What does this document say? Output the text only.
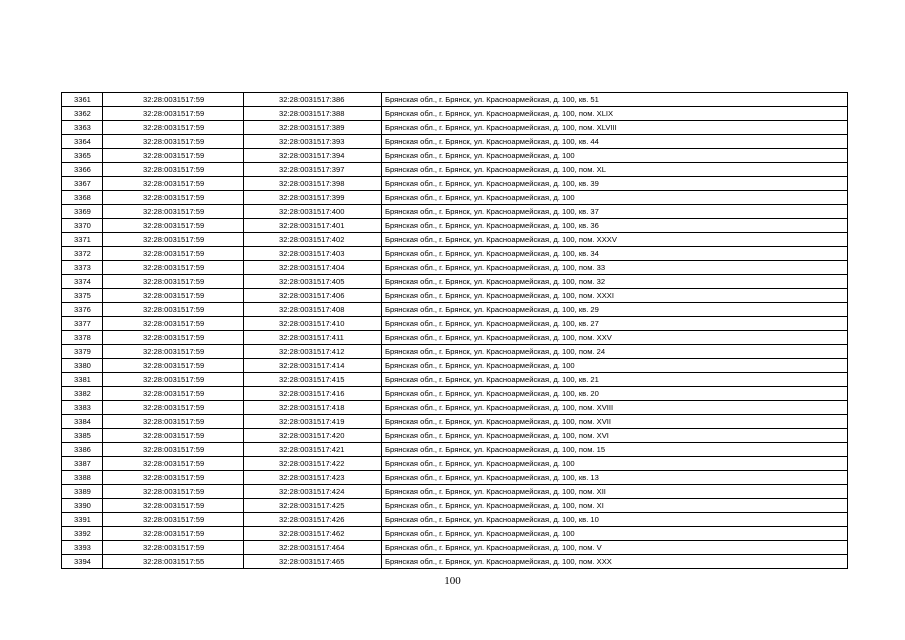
3361	32:28:0031517:59	32:28:0031517:386	Брянская обл., г. Брянск, ул. Красноармейская, д. 100, кв. 51
3362	32:28:0031517:59	32:28:0031517:388	Брянская обл., г. Брянск, ул. Красноармейская, д. 100, пом. XLIX
3363	32:28:0031517:59	32:28:0031517:389	Брянская обл., г. Брянск, ул. Красноармейская, д. 100, пом. XLVIII
3364	32:28:0031517:59	32:28:0031517:393	Брянская обл., г. Брянск, ул. Красноармейская, д. 100, кв. 44
3365	32:28:0031517:59	32:28:0031517:394	Брянская обл., г. Брянск, ул. Красноармейская, д. 100
3366	32:28:0031517:59	32:28:0031517:397	Брянская обл., г. Брянск, ул. Красноармейская, д. 100, пом. XL
3367	32:28:0031517:59	32:28:0031517:398	Брянская обл., г. Брянск, ул. Красноармейская, д. 100, кв. 39
3368	32:28:0031517:59	32:28:0031517:399	Брянская обл., г. Брянск, ул. Красноармейская, д. 100
3369	32:28:0031517:59	32:28:0031517:400	Брянская обл., г. Брянск, ул. Красноармейская, д. 100, кв. 37
3370	32:28:0031517:59	32:28:0031517:401	Брянская обл., г. Брянск, ул. Красноармейская, д. 100, кв. 36
3371	32:28:0031517:59	32:28:0031517:402	Брянская обл., г. Брянск, ул. Красноармейская, д. 100, пом. XXXV
3372	32:28:0031517:59	32:28:0031517:403	Брянская обл., г. Брянск, ул. Красноармейская, д. 100, кв. 34
3373	32:28:0031517:59	32:28:0031517:404	Брянская обл., г. Брянск, ул. Красноармейская, д. 100, пом. 33
3374	32:28:0031517:59	32:28:0031517:405	Брянская обл., г. Брянск, ул. Красноармейская, д. 100, пом. 32
3375	32:28:0031517:59	32:28:0031517:406	Брянская обл., г. Брянск, ул. Красноармейская, д. 100, пом. XXXI
3376	32:28:0031517:59	32:28:0031517:408	Брянская обл., г. Брянск, ул. Красноармейская, д. 100, кв. 29
3377	32:28:0031517:59	32:28:0031517:410	Брянская обл., г. Брянск, ул. Красноармейская, д. 100, кв. 27
3378	32:28:0031517:59	32:28:0031517:411	Брянская обл., г. Брянск, ул. Красноармейская, д. 100, пом. XXV
3379	32:28:0031517:59	32:28:0031517:412	Брянская обл., г. Брянск, ул. Красноармейская, д. 100, пом. 24
3380	32:28:0031517:59	32:28:0031517:414	Брянская обл., г. Брянск, ул. Красноармейская, д. 100
3381	32:28:0031517:59	32:28:0031517:415	Брянская обл., г. Брянск, ул. Красноармейская, д. 100, кв. 21
3382	32:28:0031517:59	32:28:0031517:416	Брянская обл., г. Брянск, ул. Красноармейская, д. 100, кв. 20
3383	32:28:0031517:59	32:28:0031517:418	Брянская обл., г. Брянск, ул. Красноармейская, д. 100, пом. XVIII
3384	32:28:0031517:59	32:28:0031517:419	Брянская обл., г. Брянск, ул. Красноармейская, д. 100, пом. XVII
3385	32:28:0031517:59	32:28:0031517:420	Брянская обл., г. Брянск, ул. Красноармейская, д. 100, пом. XVI
3386	32:28:0031517:59	32:28:0031517:421	Брянская обл., г. Брянск, ул. Красноармейская, д. 100, пом. 15
3387	32:28:0031517:59	32:28:0031517:422	Брянская обл., г. Брянск, ул. Красноармейская, д. 100
3388	32:28:0031517:59	32:28:0031517:423	Брянская обл., г. Брянск, ул. Красноармейская, д. 100, кв. 13
3389	32:28:0031517:59	32:28:0031517:424	Брянская обл., г. Брянск, ул. Красноармейская, д. 100, пом. XII
3390	32:28:0031517:59	32:28:0031517:425	Брянская обл., г. Брянск, ул. Красноармейская, д. 100, пом. XI
3391	32:28:0031517:59	32:28:0031517:426	Брянская обл., г. Брянск, ул. Красноармейская, д. 100, кв. 10
3392	32:28:0031517:59	32:28:0031517:462	Брянская обл., г. Брянск, ул. Красноармейская, д. 100
3393	32:28:0031517:59	32:28:0031517:464	Брянская обл., г. Брянск, ул. Красноармейская, д. 100, пом. V
3394	32:28:0031517:55	32:28:0031517:465	Брянская обл., г. Брянск, ул. Красноармейская, д. 100, пом. XXX
100
